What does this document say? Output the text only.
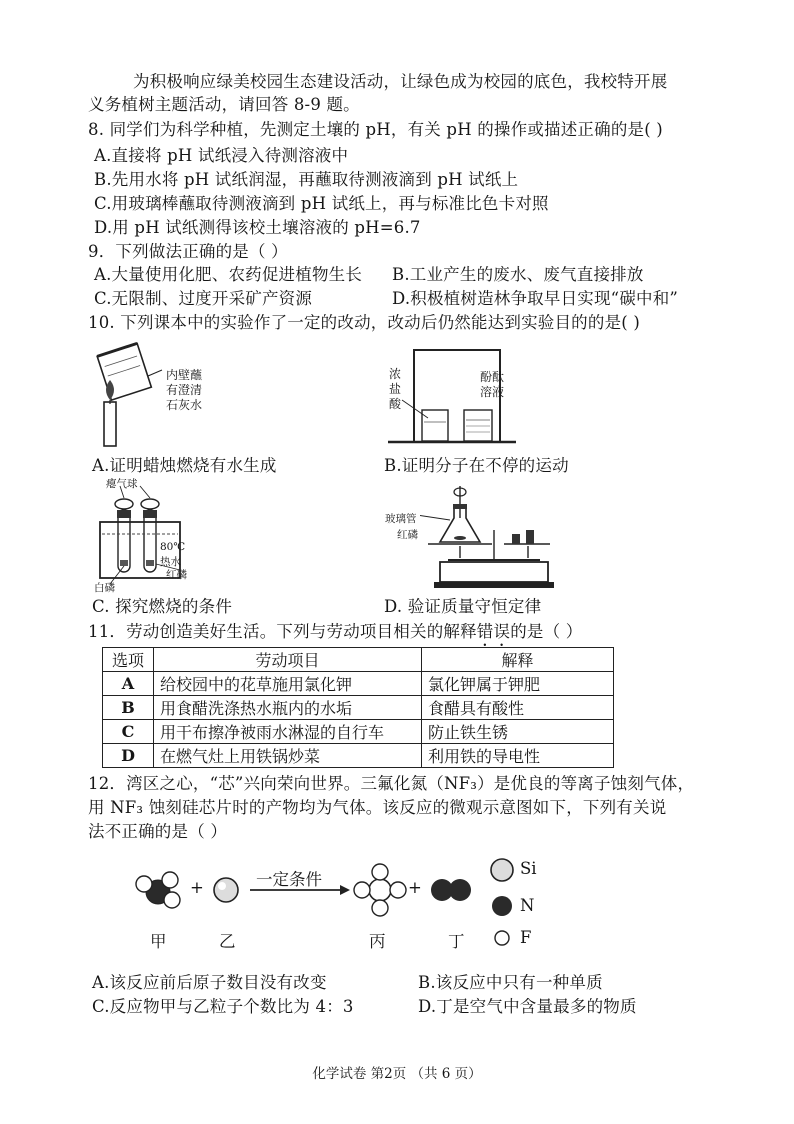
为积极响应绿美校园生态建设活动，让绿色成为校园的底色，我校特开展
义务植树主题活动，请回答 8-9 题。
8. 同学们为科学种植，先测定土壤的 pH，有关 pH 的操作或描述正确的是( )
A.直接将 pH 试纸浸入待测溶液中
B.先用水将 pH 试纸润湿，再蘸取待测液滴到 pH 试纸上
C.用玻璃棒蘸取待测液滴到 pH 试纸上，再与标准比色卡对照
D.用 pH 试纸测得该校土壤溶液的 pH=6.7
9．下列做法正确的是（ ）
A.大量使用化肥、农药促进植物生长 B.工业产生的废水、废气直接排放
C.无限制、过度开采矿产资源	D.积极植树造林争取早日实现“碳中和”
10. 下列课本中的实验作了一定的改动，改动后仍然能达到实验目的的是( )
内壁蘸
有澄清
石灰水
浓
盐
酸
酚酞
溶液
A.证明蜡烛燃烧有水生成	B.证明分子在不停的运动
瘪气球
80℃
热水
红磷
白磷
玻璃管
红磷
C. 探究燃烧的条件	D. 验证质量守恒定律
11．劳动创造美好生活。下列与劳动项目相关的解释错误的是（ ）
选项	劳动项目	解释
A	给校园中的花草施用氯化钾	氯化钾属于钾肥
B	用食醋洗涤热水瓶内的水垢	食醋具有酸性
C	用干布擦净被雨水淋湿的自行车	防止铁生锈
D	在燃气灶上用铁锅炒菜	利用铁的导电性
12．湾区之心，“芯”兴向荣向世界。三氟化氮（NF₃）是优良的等离子蚀刻气体，
用 NF₃ 蚀刻硅芯片时的产物均为气体。该反应的微观示意图如下，下列有关说
法不正确的是（ ）
+	+
一定条件
Si
N
F
甲	乙	丙	丁
A.该反应前后原子数目没有改变	B.该反应中只有一种单质
C.反应物甲与乙粒子个数比为 4：3	D.丁是空气中含量最多的物质
化学试卷 第2页 （共 6 页）
